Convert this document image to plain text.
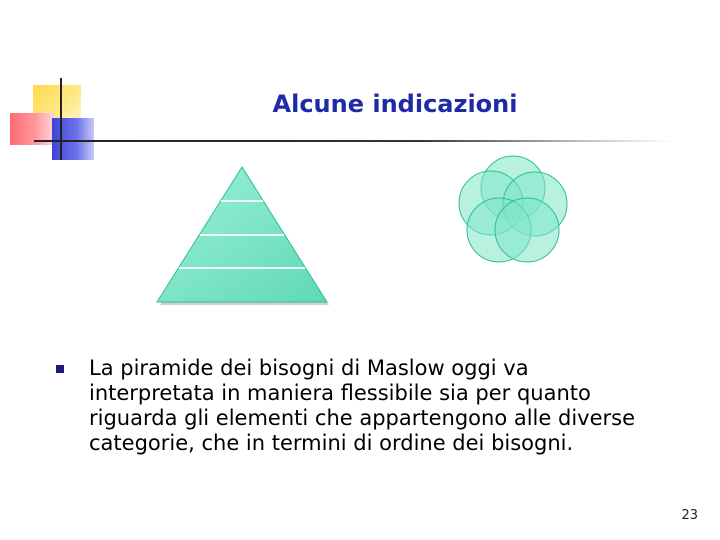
Alcune indicazioni

La piramide dei bisogni di Maslow oggi va interpretata in maniera flessibile sia per quanto riguarda gli elementi che appartengono alle diverse categorie, che in termini di ordine dei bisogni.

23
